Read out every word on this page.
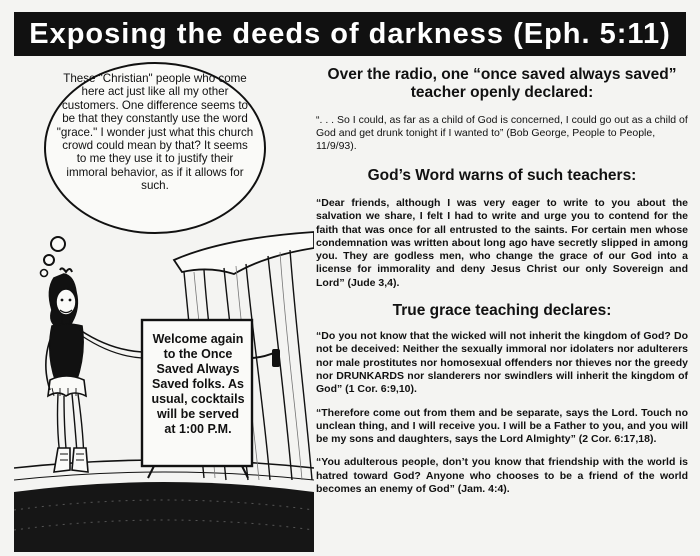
Exposing the deeds of darkness (Eph. 5:11)
These "Christian" people who come here act just like all my other customers. One difference seems to be that they constantly use the word "grace." I wonder just what this church crowd could mean by that? It seems to me they use it to justify their immoral behavior, as if it allows for such.
Welcome again to the Once Saved Always Saved folks. As usual, cocktails will be served at 1:00 P.M.
Over the radio, one “once saved always saved” teacher openly declared:

“. . . So I could, as far as a child of God is concerned, I could go out as a child of God and get drunk tonight if I wanted to” (Bob George, People to People, 11/9/93).

God’s Word warns of such teachers:

“Dear friends, although I was very eager to write to you about the salvation we share, I felt I had to write and urge you to contend for the faith that was once for all entrusted to the saints. For certain men whose condemnation was written about long ago have secretly slipped in among you. They are godless men, who change the grace of our God into a license for immorality and deny Jesus Christ our only Sovereign and Lord” (Jude 3,4).

True grace teaching declares:

“Do you not know that the wicked will not inherit the kingdom of God? Do not be deceived: Neither the sexually immoral nor idolaters nor adulterers nor male prostitutes nor homosexual offenders nor thieves nor the greedy nor DRUNKARDS nor slanderers nor swindlers will inherit the kingdom of God” (1 Cor. 6:9,10).

“Therefore come out from them and be separate, says the Lord. Touch no unclean thing, and I will receive you. I will be a Father to you, and you will be my sons and daughters, says the Lord Almighty” (2 Cor. 6:17,18).

“You adulterous people, don’t you know that friendship with the world is hatred toward God? Anyone who chooses to be a friend of the world becomes an enemy of God” (Jam. 4:4).
